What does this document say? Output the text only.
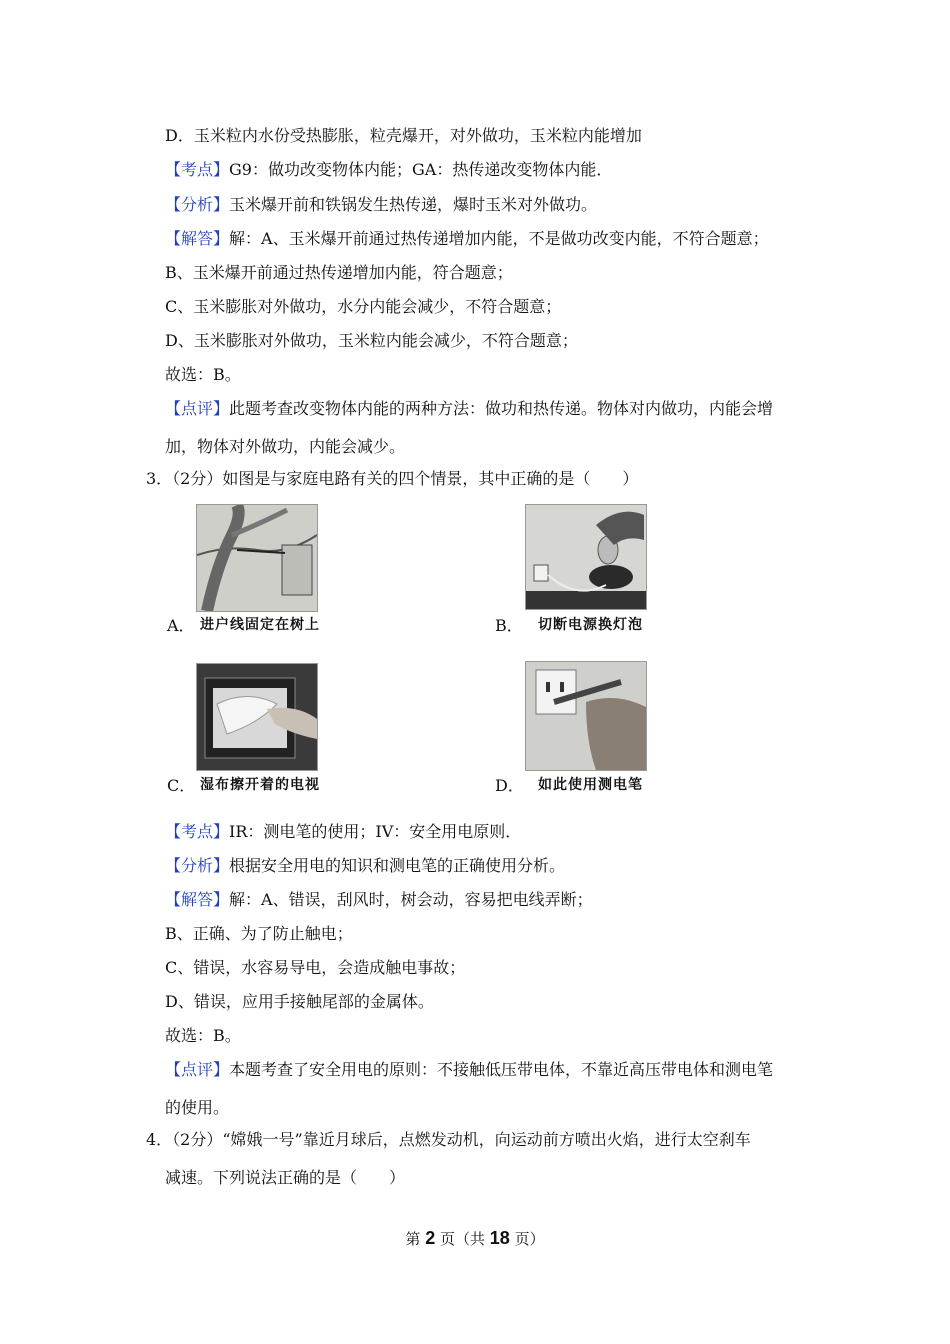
D．玉米粒内水份受热膨胀，粒壳爆开，对外做功，玉米粒内能增加
【考点】G9：做功改变物体内能；GA：热传递改变物体内能．
【分析】玉米爆开前和铁锅发生热传递，爆时玉米对外做功。
【解答】解：A、玉米爆开前通过热传递增加内能，不是做功改变内能，不符合题意；
B、玉米爆开前通过热传递增加内能，符合题意；
C、玉米膨胀对外做功，水分内能会减少，不符合题意；
D、玉米膨胀对外做功，玉米粒内能会减少，不符合题意；
故选：B。
【点评】此题考查改变物体内能的两种方法：做功和热传递。物体对内做功，内能会增
加，物体对外做功，内能会减少。
3．（2分）如图是与家庭电路有关的四个情景，其中正确的是（　　）
A． 进户线固定在树上	B． 切断电源换灯泡
C． 湿布擦开着的电视	D． 如此使用测电笔
【考点】IR：测电笔的使用；IV：安全用电原则．
【分析】根据安全用电的知识和测电笔的正确使用分析。
【解答】解：A、错误，刮风时，树会动，容易把电线弄断；
B、正确、为了防止触电；
C、错误，水容易导电，会造成触电事故；
D、错误，应用手接触尾部的金属体。
故选：B。
【点评】本题考查了安全用电的原则：不接触低压带电体，不靠近高压带电体和测电笔
的使用。
4．（2分）“嫦娥一号”靠近月球后，点燃发动机，向运动前方喷出火焰，进行太空刹车
减速。下列说法正确的是（　　）
第 2 页（共 18 页）
